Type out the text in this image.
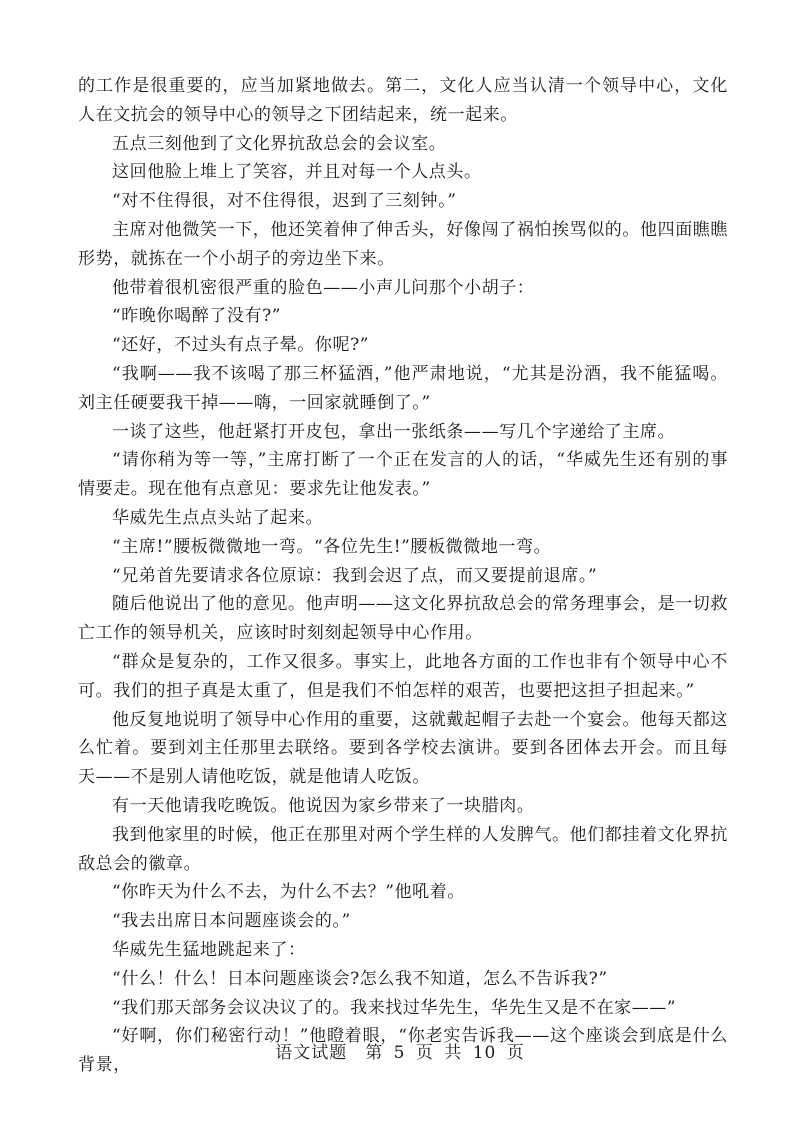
的工作是很重要的，应当加紧地做去。第二，文化人应当认清一个领导中心，文化人在文抗会的领导中心的领导之下团结起来，统一起来。

五点三刻他到了文化界抗敌总会的会议室。

这回他脸上堆上了笑容，并且对每一个人点头。

“对不住得很，对不住得很，迟到了三刻钟。”

主席对他微笑一下，他还笑着伸了伸舌头，好像闯了祸怕挨骂似的。他四面瞧瞧形势，就拣在一个小胡子的旁边坐下来。

他带着很机密很严重的脸色——小声儿问那个小胡子：

“昨晚你喝醉了没有?”

“还好，不过头有点子晕。你呢?”

“我啊——我不该喝了那三杯猛酒，”他严肃地说，“尤其是汾酒，我不能猛喝。刘主任硬要我干掉——嗨，一回家就睡倒了。”

一谈了这些，他赶紧打开皮包，拿出一张纸条——写几个字递给了主席。

“请你稍为等一等，”主席打断了一个正在发言的人的话，“华威先生还有别的事情要走。现在他有点意见：要求先让他发表。”

华威先生点点头站了起来。

“主席!”腰板微微地一弯。“各位先生!”腰板微微地一弯。

“兄弟首先要请求各位原谅：我到会迟了点，而又要提前退席。”

随后他说出了他的意见。他声明——这文化界抗敌总会的常务理事会，是一切救亡工作的领导机关，应该时时刻刻起领导中心作用。

“群众是复杂的，工作又很多。事实上，此地各方面的工作也非有个领导中心不可。我们的担子真是太重了，但是我们不怕怎样的艰苦，也要把这担子担起来。”

他反复地说明了领导中心作用的重要，这就戴起帽子去赴一个宴会。他每天都这么忙着。要到刘主任那里去联络。要到各学校去演讲。要到各团体去开会。而且每天——不是别人请他吃饭，就是他请人吃饭。

有一天他请我吃晚饭。他说因为家乡带来了一块腊肉。

我到他家里的时候，他正在那里对两个学生样的人发脾气。他们都挂着文化界抗敌总会的徽章。

“你昨天为什么不去，为什么不去？”他吼着。

“我去出席日本问题座谈会的。”

华威先生猛地跳起来了：

“什么！什么！日本问题座谈会?怎么我不知道，怎么不告诉我?”

“我们那天部务会议决议了的。我来找过华先生，华先生又是不在家——”

“好啊，你们秘密行动！”他瞪着眼，“你老实告诉我——这个座谈会到底是什么背景，

语文试题　第 5 页 共 10 页
